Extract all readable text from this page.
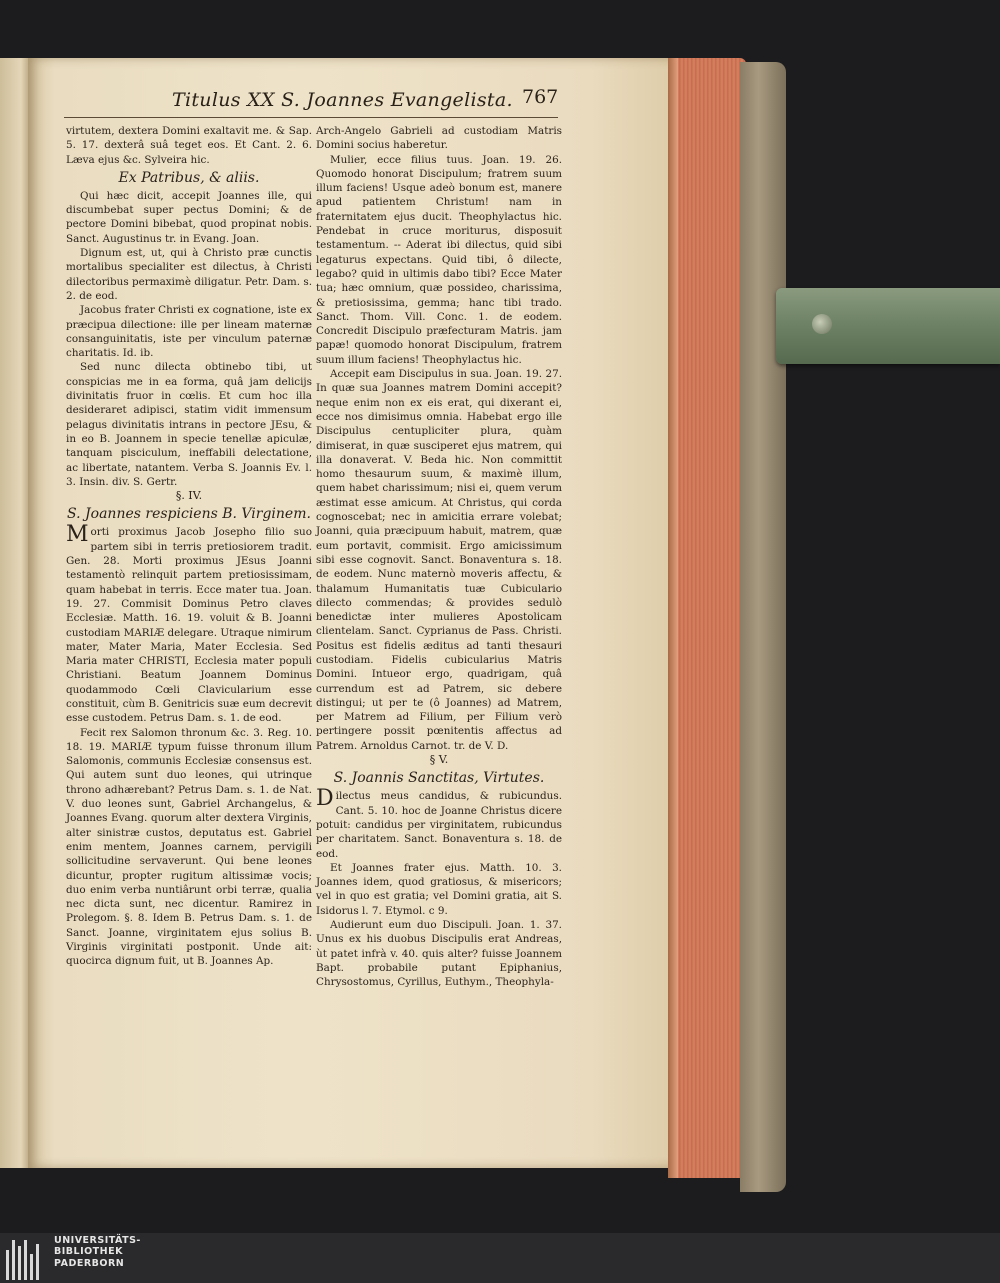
Titulus XX S. Joannes Evangelista. 767

virtutem, dextera Domini exaltavit me. & Sap. 5. 17. dexterâ suâ teget eos. Et Cant. 2. 6. Læva ejus &c. Sylveira hic.

Ex Patribus, & aliis.

Qui hæc dicit, accepit Joannes ille, qui discumbebat super pectus Domini; & de pectore Domini bibebat, quod propinat nobis. Sanct. Augustinus tr. in Evang. Joan.

Dignum est, ut, qui à Christo præ cunctis mortalibus specialiter est dilectus, à Christi dilectoribus permaximè diligatur. Petr. Dam. s. 2. de eod.

Jacobus frater Christi ex cognatione, iste ex præcipua dilectione: ille per lineam maternæ consanguinitatis, iste per vinculum paternæ charitatis. Id. ib.

Sed nunc dilecta obtinebo tibi, ut conspicias me in ea forma, quâ jam delicijs divinitatis fruor in cœlis. Et cum hoc illa desideraret adipisci, statim vidit immensum pelagus divinitatis intrans in pectore JEsu, & in eo B. Joannem in specie tenellæ apiculæ, tanquam pisciculum, ineffabili delectatione, ac libertate, natantem. Verba S. Joannis Ev. l. 3. Insin. div. S. Gertr.

§. IV.

S. Joannes respiciens B. Virginem.

Morti proximus Jacob Josepho filio suo partem sibi in terris pretiosiorem tradit. Gen. 28. Morti proximus JEsus Joanni testamentò relinquit partem pretiosissimam, quam habebat in terris. Ecce mater tua. Joan. 19. 27. Commisit Dominus Petro claves Ecclesiæ. Matth. 16. 19. voluit & B. Joanni custodiam MARIÆ delegare. Utraque nimirum mater, Mater Maria, Mater Ecclesia. Sed Maria mater CHRISTI, Ecclesia mater populi Christiani. Beatum Joannem Dominus quodammodo Cœli Clavicularium esse constituit, cùm B. Genitricis suæ eum decrevit esse custodem. Petrus Dam. s. 1. de eod.

Fecit rex Salomon thronum &c. 3. Reg. 10. 18. 19. MARIÆ typum fuisse thronum illum Salomonis, communis Ecclesiæ consensus est. Qui autem sunt duo leones, qui utrinque throno adhærebant? Petrus Dam. s. 1. de Nat. V. duo leones sunt, Gabriel Archangelus, & Joannes Evang. quorum alter dextera Virginis, alter sinistræ custos, deputatus est. Gabriel enim mentem, Joannes carnem, pervigili sollicitudine servaverunt. Qui bene leones dicuntur, propter rugitum altissimæ vocis; duo enim verba nuntiârunt orbi terræ, qualia nec dicta sunt, nec dicentur. Ramirez in Prolegom. §. 8. Idem B. Petrus Dam. s. 1. de Sanct. Joanne, virginitatem ejus solius B. Virginis virginitati postponit. Unde ait: quocirca dignum fuit, ut B. Joannes Ap.

Arch-Angelo Gabrieli ad custodiam Matris Domini socius haberetur.

Mulier, ecce filius tuus. Joan. 19. 26. Quomodo honorat Discipulum; fratrem suum illum faciens! Usque adeò bonum est, manere apud patientem Christum! nam in fraternitatem ejus ducit. Theophylactus hic. Pendebat in cruce moriturus, disposuit testamentum. -- Aderat ibi dilectus, quid sibi legaturus expectans. Quid tibi, ô dilecte, legabo? quid in ultimis dabo tibi? Ecce Mater tua; hæc omnium, quæ possideo, charissima, & pretiosissima, gemma; hanc tibi trado. Sanct. Thom. Vill. Conc. 1. de eodem. Concredit Discipulo præfecturam Matris. jam papæ! quomodo honorat Discipulum, fratrem suum illum faciens! Theophylactus hic.

Accepit eam Discipulus in sua. Joan. 19. 27. In quæ sua Joannes matrem Domini accepit? neque enim non ex eis erat, qui dixerant ei, ecce nos dimisimus omnia. Habebat ergo ille Discipulus centupliciter plura, quàm dimiserat, in quæ susciperet ejus matrem, qui illa donaverat. V. Beda hic. Non committit homo thesaurum suum, & maximè illum, quem habet charissimum; nisi ei, quem verum æstimat esse amicum. At Christus, qui corda cognoscebat; nec in amicitia errare volebat; Joanni, quia præcipuum habuit, matrem, quæ eum portavit, commisit. Ergo amicissimum sibi esse cognovit. Sanct. Bonaventura s. 18. de eodem. Nunc maternò moveris affectu, & thalamum Humanitatis tuæ Cubiculario dilecto commendas; & provides sedulò benedictæ inter mulieres Apostolicam clientelam. Sanct. Cyprianus de Pass. Christi. Positus est fidelis æditus ad tanti thesauri custodiam. Fidelis cubicularius Matris Domini. Intueor ergo, quadrigam, quâ currendum est ad Patrem, sic debere distingui; ut per te (ô Joannes) ad Matrem, per Matrem ad Filium, per Filium verò pertingere possit pœnitentis affectus ad Patrem. Arnoldus Carnot. tr. de V. D.

§ V.

S. Joannis Sanctitas, Virtutes.

Dilectus meus candidus, & rubicundus. Cant. 5. 10. hoc de Joanne Christus dicere potuit: candidus per virginitatem, rubicundus per charitatem. Sanct. Bonaventura s. 18. de eod.

Et Joannes frater ejus. Matth. 10. 3. Joannes idem, quod gratiosus, & misericors; vel in quo est gratia; vel Domini gratia, ait S. Isidorus l. 7. Etymol. c 9.

Audierunt eum duo Discipuli. Joan. 1. 37. Unus ex his duobus Discipulis erat Andreas, ùt patet infrà v. 40. quis alter? fuisse Joannem Bapt. probabile putant Epiphanius, Chrysostomus, Cyrillus, Euthym., Theophyla-

UNIVERSITÄTS-
BIBLIOTHEK
PADERBORN
